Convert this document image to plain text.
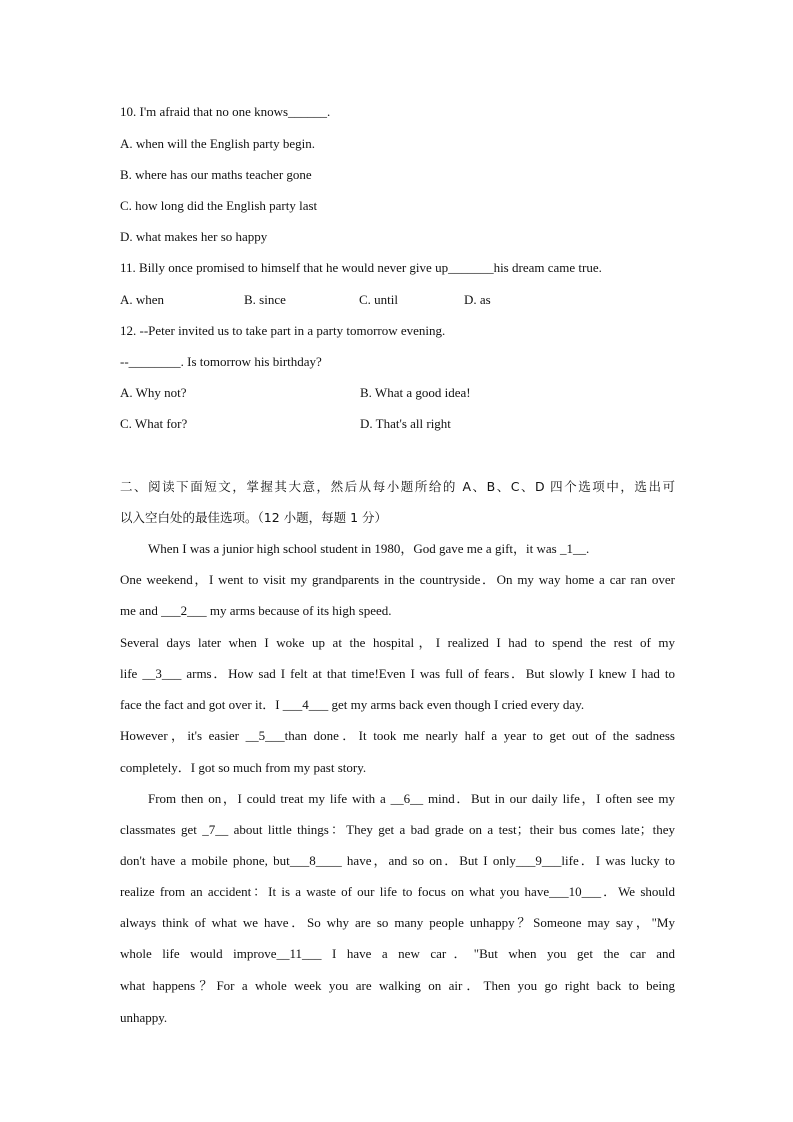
10. I'm afraid that no one knows______.
A. when will the English party begin.
B. where has our maths teacher gone
C. how long did the English party last
D. what makes her so happy
11. Billy once promised to himself that he would never give up_______his dream came true.
A. when	B. since	C. until	D. as
12. --Peter invited us to take part in a party tomorrow evening.
--________. Is tomorrow his birthday?
A. Why not?	B. What a good idea!
C. What for?	D. That's all right
二、阅读下面短文，掌握其大意，然后从每小题所给的 A、B、C、D 四个选项中，选出可
以入空白处的最佳选项。（12 小题，每题 1 分）
When I was a junior high school student in 1980，God gave me a gift，it was _1__.
One weekend，I went to visit my grandparents in the countryside．On my way home a car ran over
me and ___2___ my arms because of its high speed.
Several days later when I woke up at the hospital，I realized I had to spend the rest of my
life __3___ arms．How sad I felt at that time!Even I was full of fears．But slowly I knew I had to
face the fact and got over it．I ___4___ get my arms back even though I cried every day.
However，it's easier __5___than done．It took me nearly half a year to get out of the sadness
completely．I got so much from my past story.
From then on，I could treat my life with a __6__ mind．But in our daily life，I often see my
classmates get _7__ about little things：They get a bad grade on a test；their bus comes late；they
don't have a mobile phone, but___8____ have，and so on．But I only___9___life．I was lucky to
realize from an accident：It is a waste of our life to focus on what you have___10___．We should
always think of what we have．So why are so many people unhappy？Someone may say，"My
whole life would improve__11___ I have a new car．"But when you get the car and
what happens？For a whole week you are walking on air．Then you go right back to being
unhappy.
